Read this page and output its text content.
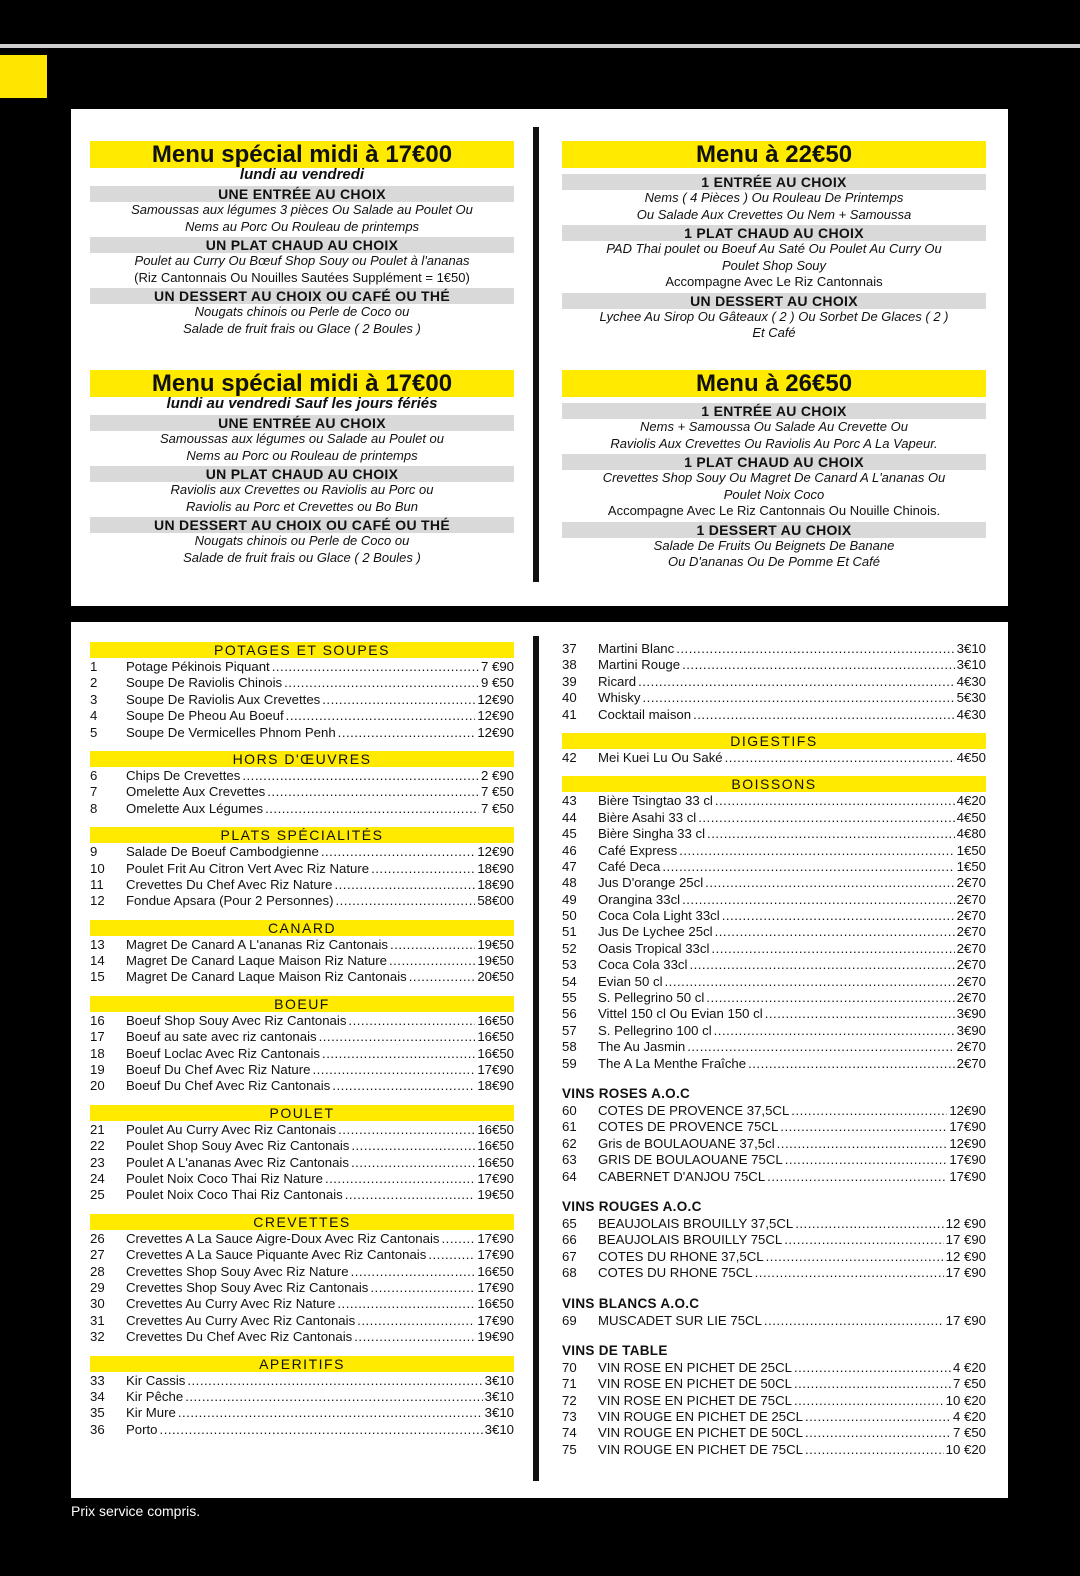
Menu spécial midi à 17€00
lundi au vendredi
UNE ENTRÉE AU CHOIX
Samoussas aux légumes 3 pièces Ou Salade au Poulet Ou
Nems au Porc Ou Rouleau de printemps
UN PLAT CHAUD AU CHOIX
Poulet au Curry Ou Bœuf Shop Souy ou Poulet à l'ananas
(Riz Cantonnais Ou Nouilles Sautées Supplément = 1€50)
UN DESSERT AU CHOIX OU CAFÉ OU THÉ
Nougats chinois ou Perle de Coco ou
Salade de fruit frais ou Glace ( 2 Boules )
Menu à 22€50
1 ENTRÉE AU CHOIX
Nems ( 4 Pièces ) Ou Rouleau De Printemps
Ou Salade Aux Crevettes Ou Nem + Samoussa
1 PLAT CHAUD AU CHOIX
PAD Thai poulet ou Boeuf Au Saté Ou Poulet Au Curry Ou
Poulet Shop Souy
Accompagne Avec Le Riz Cantonnais
UN DESSERT AU CHOIX
Lychee Au Sirop Ou Gâteaux ( 2 ) Ou Sorbet De Glaces ( 2 )
Et Café
Menu spécial midi à 17€00
lundi au vendredi Sauf les jours fériés
UNE ENTRÉE AU CHOIX
Samoussas aux légumes ou Salade au Poulet ou
Nems au Porc ou Rouleau de printemps
UN PLAT CHAUD AU CHOIX
Raviolis aux Crevettes ou Raviolis au Porc ou
Raviolis au Porc et Crevettes ou Bo Bun
UN DESSERT AU CHOIX OU CAFÉ OU THÉ
Nougats chinois ou Perle de Coco ou
Salade de fruit frais ou Glace ( 2 Boules )
Menu à 26€50
1 ENTRÉE AU CHOIX
Nems + Samoussa Ou Salade Au Crevette Ou
Raviolis Aux Crevettes Ou Raviolis Au Porc A La Vapeur.
1 PLAT CHAUD AU CHOIX
Crevettes Shop Souy Ou Magret De Canard A L'ananas Ou
Poulet Noix Coco
Accompagne Avec Le Riz Cantonnais Ou Nouille Chinois.
1 DESSERT AU CHOIX
Salade De Fruits Ou Beignets De Banane
Ou D'ananas Ou De Pomme Et Café
POTAGES ET SOUPES
1	Potage Pékinois Piquant .....	7 €90
2	Soupe De Raviolis Chinois .....	9 €50
3	Soupe De Raviolis Aux Crevettes .....	12€90
4	Soupe De Pheou Au Boeuf .....	12€90
5	Soupe De Vermicelles Phnom Penh .....	12€90
HORS D'ŒUVRES
6	Chips De Crevettes .....	2 €90
7	Omelette Aux Crevettes .....	7 €50
8	Omelette Aux Légumes .....	7 €50
PLATS SPÉCIALITÉS
9	Salade De Boeuf Cambodgienne .....	12€90
10	Poulet Frit Au Citron Vert Avec Riz Nature .....	18€90
11	Crevettes Du Chef Avec Riz Nature .....	18€90
12	Fondue Apsara (Pour 2 Personnes) .....	58€00
CANARD
13	Magret De Canard A L'ananas Riz Cantonais .....	19€50
14	Magret De Canard Laque Maison Riz Nature .....	19€50
15	Magret De Canard Laque Maison Riz Cantonais .....	20€50
BOEUF
16	Boeuf Shop Souy Avec Riz Cantonais .....	16€50
17	Boeuf au sate avec riz cantonais .....	16€50
18	Boeuf Loclac Avec Riz Cantonais .....	16€50
19	Boeuf Du Chef Avec Riz Nature .....	17€90
20	Boeuf Du Chef Avec Riz Cantonais .....	18€90
POULET
21	Poulet Au Curry Avec Riz Cantonais .....	16€50
22	Poulet Shop Souy Avec Riz Cantonais .....	16€50
23	Poulet A L'ananas Avec Riz Cantonais .....	16€50
24	Poulet Noix Coco Thai Riz Nature .....	17€90
25	Poulet Noix Coco Thai Riz Cantonais .....	19€50
CREVETTES
26	Crevettes A La Sauce Aigre-Doux Avec Riz Cantonais .....	17€90
27	Crevettes A La Sauce Piquante Avec Riz Cantonais .....	17€90
28	Crevettes Shop Souy Avec Riz Nature .....	16€50
29	Crevettes Shop Souy Avec Riz Cantonais .....	17€90
30	Crevettes Au Curry Avec Riz Nature .....	16€50
31	Crevettes Au Curry Avec Riz Cantonais .....	17€90
32	Crevettes Du Chef Avec Riz Cantonais .....	19€90
APERITIFS
33	Kir Cassis .....	3€10
34	Kir Pêche .....	3€10
35	Kir Mure .....	3€10
36	Porto .....	3€10
37	Martini Blanc .....	3€10
38	Martini Rouge .....	3€10
39	Ricard .....	4€30
40	Whisky .....	5€30
41	Cocktail maison .....	4€30
DIGESTIFS
42	Mei Kuei Lu Ou Saké .....	4€50
BOISSONS
43	Bière Tsingtao 33 cl .....	4€20
44	Bière Asahi 33 cl .....	4€50
45	Bière Singha 33 cl .....	4€80
46	Café Express .....	1€50
47	Café Deca .....	1€50
48	Jus D'orange 25cl .....	2€70
49	Orangina 33cl .....	2€70
50	Coca Cola Light 33cl .....	2€70
51	Jus De Lychee 25cl .....	2€70
52	Oasis Tropical 33cl .....	2€70
53	Coca Cola 33cl .....	2€70
54	Evian 50 cl .....	2€70
55	S. Pellegrino 50 cl .....	2€70
56	Vittel 150 cl Ou Evian 150 cl .....	3€90
57	S. Pellegrino 100 cl .....	3€90
58	The Au Jasmin .....	2€70
59	The A La Menthe Fraîche .....	2€70
VINS ROSES A.O.C
60	COTES DE PROVENCE 37,5CL .....	12€90
61	COTES DE PROVENCE 75CL .....	17€90
62	Gris de BOULAOUANE 37,5cl .....	12€90
63	GRIS DE BOULAOUANE 75CL .....	17€90
64	CABERNET D'ANJOU 75CL .....	17€90
VINS ROUGES A.O.C
65	BEAUJOLAIS BROUILLY 37,5CL .....	12 €90
66	BEAUJOLAIS BROUILLY 75CL .....	17 €90
67	COTES DU RHONE 37,5CL .....	12 €90
68	COTES DU RHONE 75CL .....	17 €90
VINS BLANCS A.O.C
69	MUSCADET SUR LIE 75CL .....	17 €90
VINS DE TABLE
70	VIN ROSE EN PICHET DE 25CL .....	4 €20
71	VIN ROSE EN PICHET DE 50CL .....	7 €50
72	VIN ROSE EN PICHET DE 75CL .....	10 €20
73	VIN ROUGE EN PICHET DE 25CL .....	4 €20
74	VIN ROUGE EN PICHET DE 50CL .....	7 €50
75	VIN ROUGE EN PICHET DE 75CL .....	10 €20
Prix service compris.
